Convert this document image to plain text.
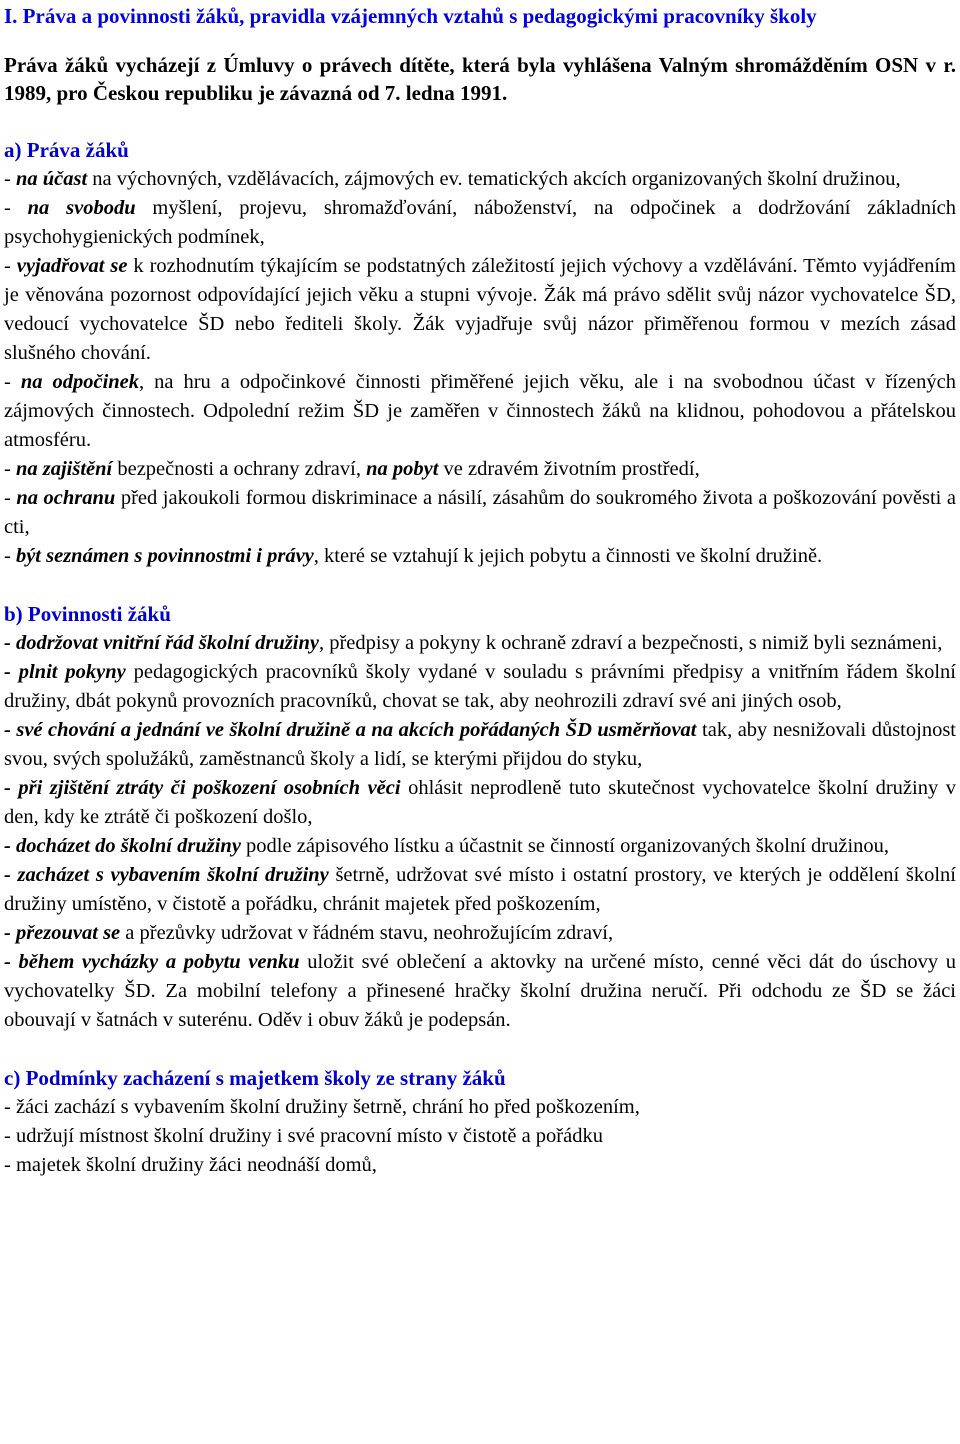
I. Práva a povinnosti žáků, pravidla vzájemných vztahů s pedagogickými pracovníky školy

Práva žáků vycházejí z Úmluvy o právech dítěte, která byla vyhlášena Valným shromážděním OSN v r. 1989, pro Českou republiku je závazná od 7. ledna 1991.

a) Práva žáků

- na účast na výchovných, vzdělávacích, zájmových ev. tematických akcích organizovaných školní družinou,

- na svobodu myšlení, projevu, shromažďování, náboženství, na odpočinek a dodržování základních psychohygienických podmínek,

- vyjadřovat se k rozhodnutím týkajícím se podstatných záležitostí jejich výchovy a vzdělávání. Těmto vyjádřením je věnována pozornost odpovídající jejich věku a stupni vývoje. Žák má právo sdělit svůj názor vychovatelce ŠD, vedoucí vychovatelce ŠD nebo řediteli školy. Žák vyjadřuje svůj názor přiměřenou formou v mezích zásad slušného chování.

- na odpočinek, na hru a odpočinkové činnosti přiměřené jejich věku, ale i na svobodnou účast v řízených zájmových činnostech. Odpolední režim ŠD je zaměřen v činnostech žáků na klidnou, pohodovou a přátelskou atmosféru.

- na zajištění bezpečnosti a ochrany zdraví, na pobyt ve zdravém životním prostředí,

- na ochranu před jakoukoli formou diskriminace a násilí, zásahům do soukromého života a poškozování pověsti a cti,

- být seznámen s povinnostmi i právy, které se vztahují k jejich pobytu a činnosti ve školní družině.

b) Povinnosti žáků

- dodržovat vnitřní řád školní družiny, předpisy a pokyny k ochraně zdraví a bezpečnosti, s nimiž byli seznámeni,

- plnit pokyny pedagogických pracovníků školy vydané v souladu s právními předpisy a vnitřním řádem školní družiny, dbát pokynů provozních pracovníků, chovat se tak, aby neohrozili zdraví své ani jiných osob,

- své chování a jednání ve školní družině a na akcích pořádaných ŠD usměrňovat tak, aby nesnižovali důstojnost svou, svých spolužáků, zaměstnanců školy a lidí, se kterými přijdou do styku,

- při zjištění ztráty či poškození osobních věci ohlásit neprodleně tuto skutečnost vychovatelce školní družiny v den, kdy ke ztrátě či poškození došlo,

- docházet do školní družiny podle zápisového lístku a účastnit se činností organizovaných školní družinou,

- zacházet s vybavením školní družiny šetrně, udržovat své místo i ostatní prostory, ve kterých je oddělení školní družiny umístěno, v čistotě a pořádku, chránit majetek před poškozením,

- přezouvat se a přezůvky udržovat v řádném stavu, neohrožujícím zdraví,

- během vycházky a pobytu venku uložit své oblečení a aktovky na určené místo, cenné věci dát do úschovy u vychovatelky ŠD. Za mobilní telefony a přinesené hračky školní družina neručí. Při odchodu ze ŠD se žáci obouvají v šatnách v suterénu. Oděv i obuv žáků je podepsán.

c) Podmínky zacházení s majetkem školy ze strany žáků

- žáci zachází s vybavením školní družiny šetrně, chrání ho před poškozením,

- udržují místnost školní družiny i své pracovní místo v čistotě a pořádku

- majetek školní družiny žáci neodnáší domů,
